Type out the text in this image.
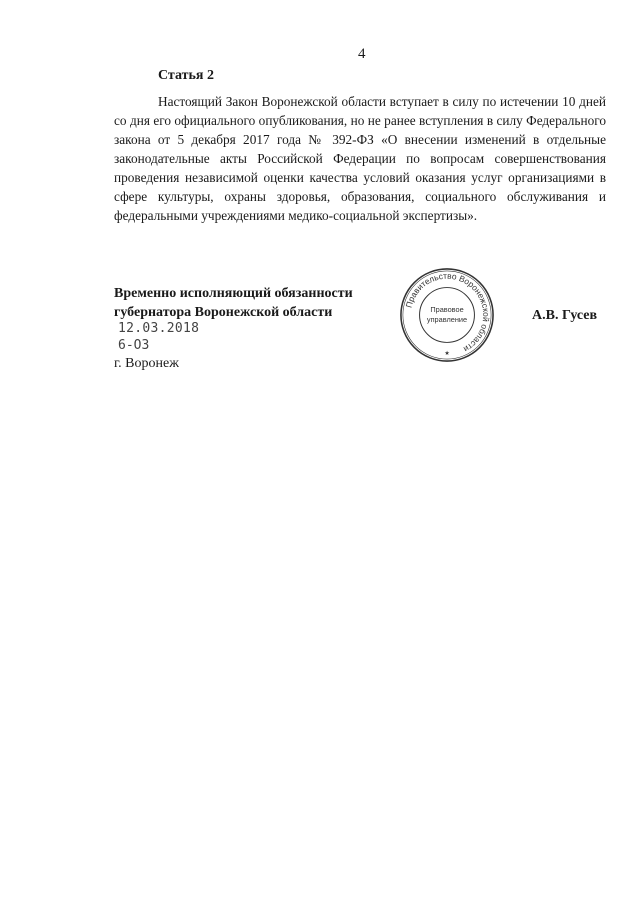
4
Статья 2

Настоящий Закон Воронежской области вступает в силу по истечении 10 дней со дня его официального опубликования, но не ранее вступления в силу Федерального закона от 5 декабря 2017 года № 392-ФЗ «О внесении изменений в отдельные законодательные акты Российской Федерации по вопросам совершенствования проведения независимой оценки качества условий оказания услуг организациями в сфере культуры, охраны здоровья, образования, социального обслуживания и федеральными учреждениями медико-социальной экспертизы».

Временно исполняющий обязанности
губернатора Воронежской области
12.03.2018
6-ОЗ
г. Воронеж
Правительство Воронежской области
Правовое
управление
★
А.В. Гусев
